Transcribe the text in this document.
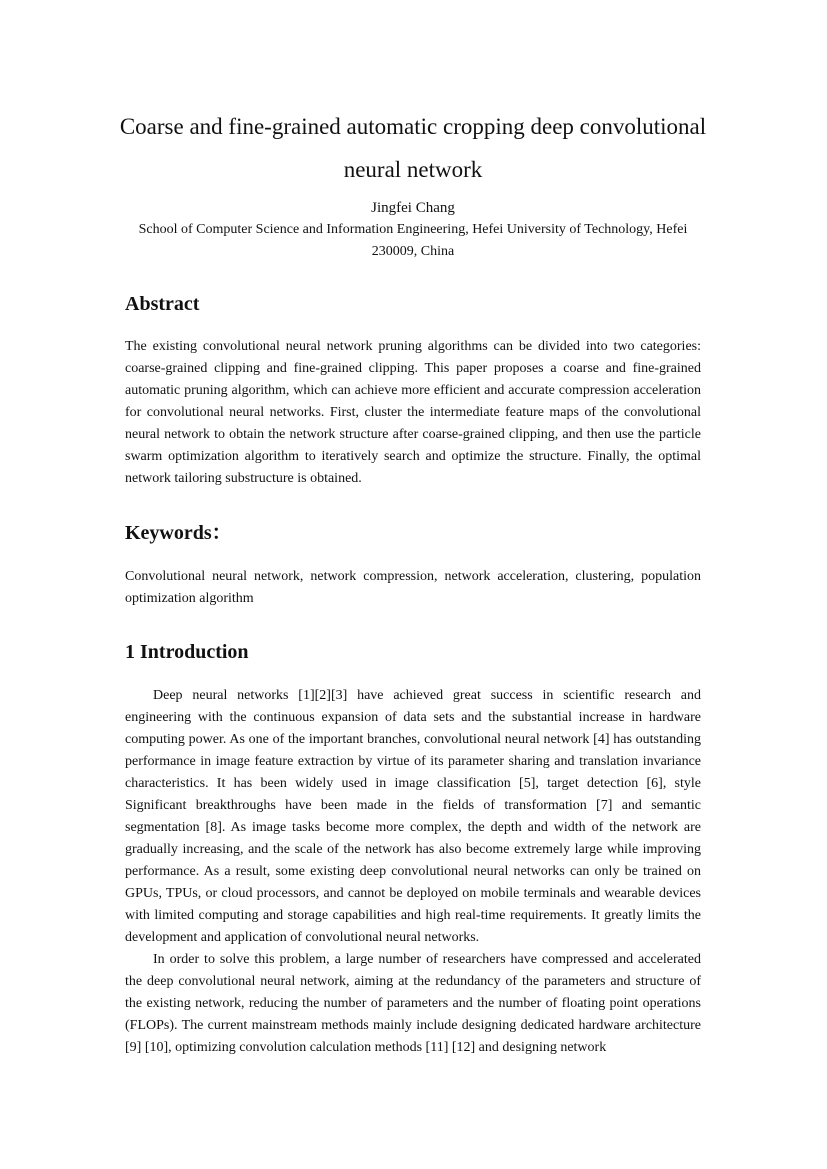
Coarse and fine-grained automatic cropping deep convolutional neural network
Jingfei Chang
School of Computer Science and Information Engineering, Hefei University of Technology, Hefei 230009, China
Abstract

The existing convolutional neural network pruning algorithms can be divided into two categories: coarse-grained clipping and fine-grained clipping. This paper proposes a coarse and fine-grained automatic pruning algorithm, which can achieve more efficient and accurate compression acceleration for convolutional neural networks. First, cluster the intermediate feature maps of the convolutional neural network to obtain the network structure after coarse-grained clipping, and then use the particle swarm optimization algorithm to iteratively search and optimize the structure. Finally, the optimal network tailoring substructure is obtained.

Keywords：

Convolutional neural network, network compression, network acceleration, clustering, population optimization algorithm

1 Introduction

Deep neural networks [1][2][3] have achieved great success in scientific research and engineering with the continuous expansion of data sets and the substantial increase in hardware computing power. As one of the important branches, convolutional neural network [4] has outstanding performance in image feature extraction by virtue of its parameter sharing and translation invariance characteristics. It has been widely used in image classification [5], target detection [6], style Significant breakthroughs have been made in the fields of transformation [7] and semantic segmentation [8]. As image tasks become more complex, the depth and width of the network are gradually increasing, and the scale of the network has also become extremely large while improving performance. As a result, some existing deep convolutional neural networks can only be trained on GPUs, TPUs, or cloud processors, and cannot be deployed on mobile terminals and wearable devices with limited computing and storage capabilities and high real-time requirements. It greatly limits the development and application of convolutional neural networks.

In order to solve this problem, a large number of researchers have compressed and accelerated the deep convolutional neural network, aiming at the redundancy of the parameters and structure of the existing network, reducing the number of parameters and the number of floating point operations (FLOPs). The current mainstream methods mainly include designing dedicated hardware architecture [9] [10], optimizing convolution calculation methods [11] [12] and designing network
